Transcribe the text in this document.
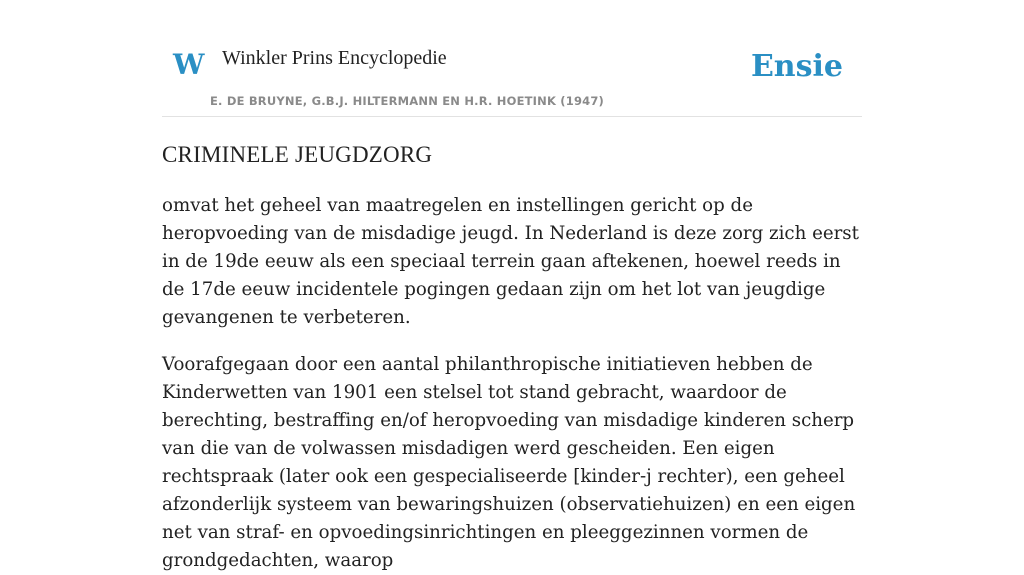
W Winkler Prins Encyclopedie
E. DE BRUYNE, G.B.J. HILTERMANN EN H.R. HOETINK (1947)
Ensie
CRIMINELE JEUGDZORG

omvat het geheel van maatregelen en instellingen gericht op de heropvoeding van de misdadige jeugd. In Nederland is deze zorg zich eerst in de 19de eeuw als een speciaal terrein gaan aftekenen, hoewel reeds in de 17de eeuw incidentele pogingen gedaan zijn om het lot van jeugdige gevangenen te verbeteren.

Voorafgegaan door een aantal philanthropische initiatieven hebben de Kinderwetten van 1901 een stelsel tot stand gebracht, waardoor de berechting, bestraffing en/of heropvoeding van misdadige kinderen scherp van die van de volwassen misdadigen werd gescheiden. Een eigen rechtspraak (later ook een gespecialiseerde [kinder-j rechter), een geheel afzonderlijk systeem van bewaringshuizen (observatiehuizen) en een eigen net van straf- en opvoedingsinrichtingen en pleeggezinnen vormen de grondgedachten, waarop
